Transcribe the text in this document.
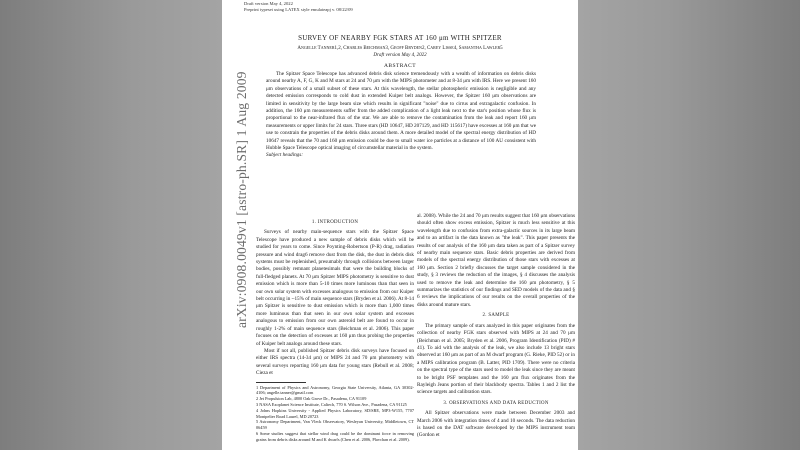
Draft version May 4, 2022
Preprint typeset using LATEX style emulateapj v. 08/22/09
arXiv:0908.0049v1 [astro-ph.SR] 1 Aug 2009
SURVEY OF NEARBY FGK STARS AT 160 μm WITH SPITZER
Angelle Tanner1,2, Charles Beichman3, Geoff Bryden2, Carey Lisse4, Samantha Lawler5
Draft version May 4, 2022
ABSTRACT
The Spitzer Space Telescope has advanced debris disk science tremendously with a wealth of information on debris disks around nearby A, F, G, K and M stars at 24 and 70 μm with the MIPS photometer and at 8-34 μm with IRS. Here we present 160 μm observations of a small subset of these stars. At this wavelength, the stellar photospheric emission is negligible and any detected emission corresponds to cold dust in extended Kuiper belt analogs. However, the Spitzer 160 μm observations are limited in sensitivity by the large beam size which results in significant "noise" due to cirrus and extragalactic confusion. In addition, the 160 μm measurements suffer from the added complication of a light leak next to the star's position whose flux is proportional to the near-infrared flux of the star. We are able to remove the contamination from the leak and report 160 μm measurements or upper limits for 24 stars. Three stars (HD 10647, HD 207129, and HD 115617) have excesses at 160 μm that we use to constrain the properties of the debris disks around them. A more detailed model of the spectral energy distribution of HD 10647 reveals that the 70 and 160 μm emission could be due to small water ice particles at a distance of 100 AU consistent with Hubble Space Telescope optical imaging of circumstellar material in the system.
Subject headings:
1. INTRODUCTION

Surveys of nearby main-sequence stars with the Spitzer Space Telescope have produced a new sample of debris disks which will be studied for years to come. Since Poynting-Robertson (P-R) drag, radiation pressure and wind drag6 remove dust from the disk, the dust in debris disk systems must be replenished, presumably through collisions between larger bodies, possibly remnant planetesimals that were the building blocks of full-fledged planets. At 70 μm Spitzer MIPS photometry is sensitive to dust emission which is more than 5-10 times more luminous than that seen in our own solar system with excesses analogous to emission from our Kuiper belt occurring in ~15% of main sequence stars (Bryden et al. 2006). At 8-14 μm Spitzer is sensitive to dust emission which is more than 1,000 times more luminous than that seen in our own solar system and excesses analogous to emission from our own asteroid belt are found to occur in roughly 1-2% of main sequence stars (Beichman et al. 2006). This paper focuses on the detection of excesses at 160 μm thus probing the properties of Kuiper belt analogs around these stars.

Most if not all, published Spitzer debris disk surveys have focused on either IRS spectra (14-34 μm) or MIPS 24 and 70 μm photometry with several surveys reporting 160 μm data for young stars (Rebull et al. 2008; Cieza et

1 Department of Physics and Astronomy, Georgia State University, Atlanta, GA 30302-4106; angelle.tanner@gmail.com

2 Jet Propulsion Lab, 4800 Oak Grove Dr., Pasadena, CA 91109

3 NASA Exoplanet Science Institute, Caltech, 770 S. Wilson Ave., Pasadena, CA 91125

4 Johns Hopkins University - Applied Physics Laboratory, SD/SRE, MP3-W155, 7707 Montpelier Road Laurel, MD 20723

5 Astronomy Department, Van Vleck Observatory, Wesleyan University, Middletown, CT 06459

6 Some studies suggest that stellar wind drag could be the dominant force in removing grains from debris disks around M and K dwarfs (Chen et al. 2006, Plavchan et al. 2009).

al. 2008). While the 24 and 70 μm results suggest that 160 μm observations should often show excess emission, Spitzer is much less sensitive at this wavelength due to confusion from extra-galactic sources in its large beam and to an artifact in the data known as "the leak". This paper presents the results of our analysis of the 160 μm data taken as part of a Spitzer survey of nearby main sequence stars. Basic debris properties are derived from models of the spectral energy distribution of those stars with excesses at 160 μm. Section 2 briefly discusses the target sample considered in the study, § 3 reviews the reduction of the images, § 4 discusses the analysis used to remove the leak and determine the 160 μm photometry, § 5 summarizes the statistics of our findings and SED models of the data and § 6 reviews the implications of our results on the overall properties of the disks around mature stars.

2. SAMPLE

The primary sample of stars analyzed in this paper originates from the collection of nearby FGK stars observed with MIPS at 24 and 70 μm (Beichman et al. 2005; Bryden et al. 2006, Program Identification (PID) # 41). To aid with the analysis of the leak, we also include 13 bright stars observed at 160 μm as part of an M dwarf program (G. Rieke, PID 52) or in a MIPS calibration program (B. Latter, PID 1709). There were no criteria on the spectral type of the stars used to model the leak since they are meant to be bright PSF templates and the 160 μm flux originates from the Rayleigh Jeans portion of their blackbody spectra. Tables 1 and 2 list the science targets and calibration stars.

3. OBSERVATIONS AND DATA REDUCTION

All Spitzer observations were made between December 2003 and March 2006 with integration times of 4 and 10 seconds. The data reduction is based on the DAT software developed by the MIPS instrument team (Gordon et
